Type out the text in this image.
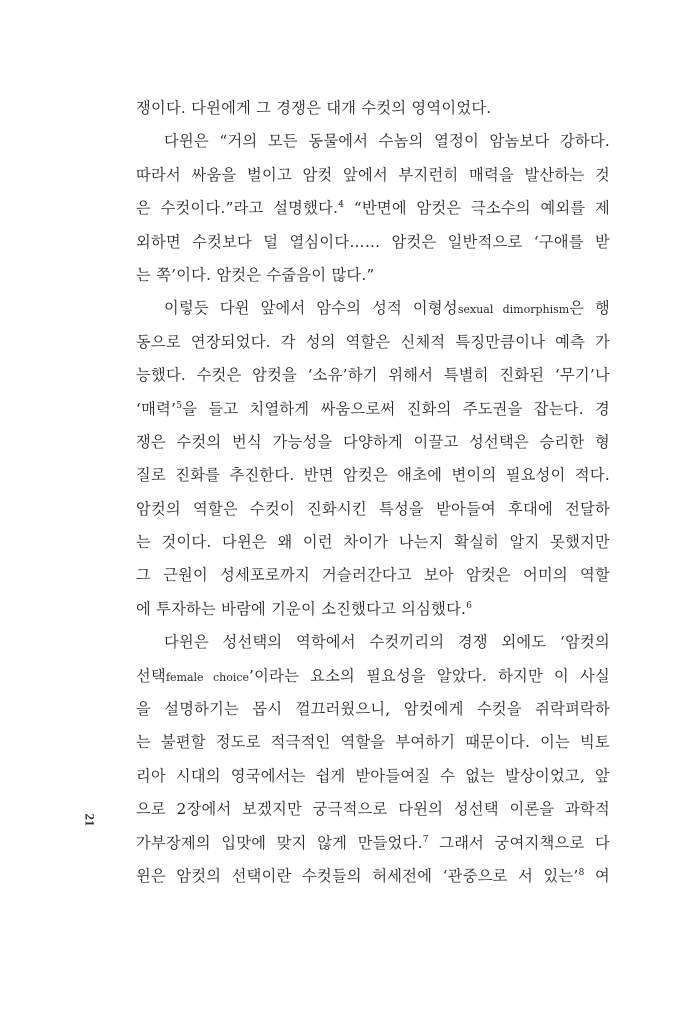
쟁이다. 다윈에게 그 경쟁은 대개 수컷의 영역이었다.
다윈은 “거의 모든 동물에서 수놈의 열정이 암놈보다 강하다.
따라서 싸움을 벌이고 암컷 앞에서 부지런히 매력을 발산하는 것
은 수컷이다.”라고 설명했다.$^4$ “반면에 암컷은 극소수의 예외를 제
외하면 수컷보다 덜 열심이다…… 암컷은 일반적으로 ‘구애를 받
는 쪽’이다. 암컷은 수줍음이 많다.”
이렇듯 다윈 앞에서 암수의 성적 이형성sexual dimorphism은 행
동으로 연장되었다. 각 성의 역할은 신체적 특징만큼이나 예측 가
능했다. 수컷은 암컷을 ‘소유’하기 위해서 특별히 진화된 ‘무기’나
‘매력’$^5$을 들고 치열하게 싸움으로써 진화의 주도권을 잡는다. 경
쟁은 수컷의 번식 가능성을 다양하게 이끌고 성선택은 승리한 형
질로 진화를 추진한다. 반면 암컷은 애초에 변이의 필요성이 적다.
암컷의 역할은 수컷이 진화시킨 특성을 받아들여 후대에 전달하
는 것이다. 다윈은 왜 이런 차이가 나는지 확실히 알지 못했지만
그 근원이 성세포로까지 거슬러간다고 보아 암컷은 어미의 역할
에 투자하는 바람에 기운이 소진했다고 의심했다.$^6$
다윈은 성선택의 역학에서 수컷끼리의 경쟁 외에도 ‘암컷의
선택female choice’이라는 요소의 필요성을 알았다. 하지만 이 사실
을 설명하기는 몹시 껄끄러웠으니, 암컷에게 수컷을 쥐락펴락하
는 불편할 정도로 적극적인 역할을 부여하기 때문이다. 이는 빅토
리아 시대의 영국에서는 쉽게 받아들여질 수 없는 발상이었고, 앞
으로 2장에서 보겠지만 궁극적으로 다윈의 성선택 이론을 과학적
가부장제의 입맛에 맞지 않게 만들었다.$^7$ 그래서 궁여지책으로 다
윈은 암컷의 선택이란 수컷들의 허세전에 ‘관중으로 서 있는’$^8$ 여
21
